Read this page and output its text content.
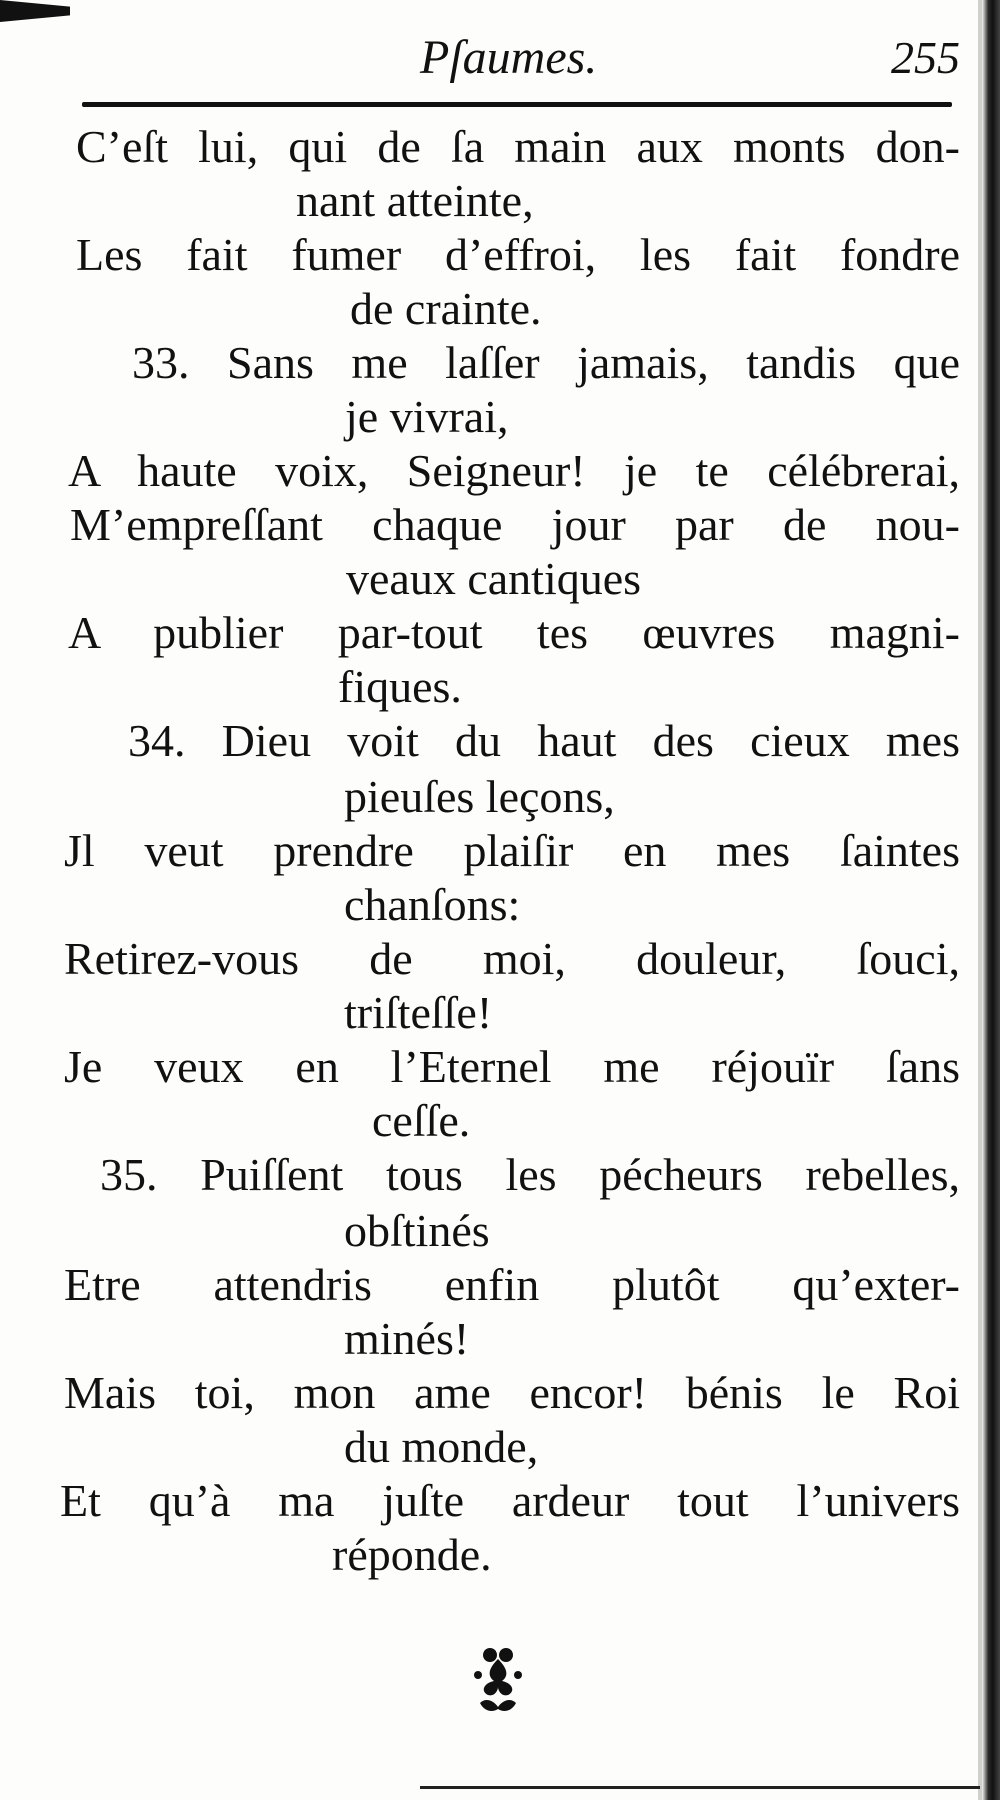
Pſaumes.	255
C’eſt lui, qui de ſa main aux monts don-
nant atteinte,
Les fait fumer d’effroi, les fait fondre
de crainte.
33. Sans me laſſer jamais, tandis que
je vivrai,
A haute voix, Seigneur! je te célébrerai,
M’empreſſant chaque jour par de nou-
veaux cantiques
A publier par-tout tes œuvres magni-
fiques.
34. Dieu voit du haut des cieux mes
pieuſes leçons,
Jl veut prendre plaiſir en mes ſaintes
chanſons:
Retirez-vous de moi, douleur, ſouci,
triſteſſe!
Je veux en l’Eternel me réjouïr ſans
ceſſe.
35. Puiſſent tous les pécheurs rebelles,
obſtinés
Etre attendris enfin plutôt qu’exter-
minés!
Mais toi, mon ame encor! bénis le Roi
du monde,
Et qu’à ma juſte ardeur tout l’univers
réponde.
